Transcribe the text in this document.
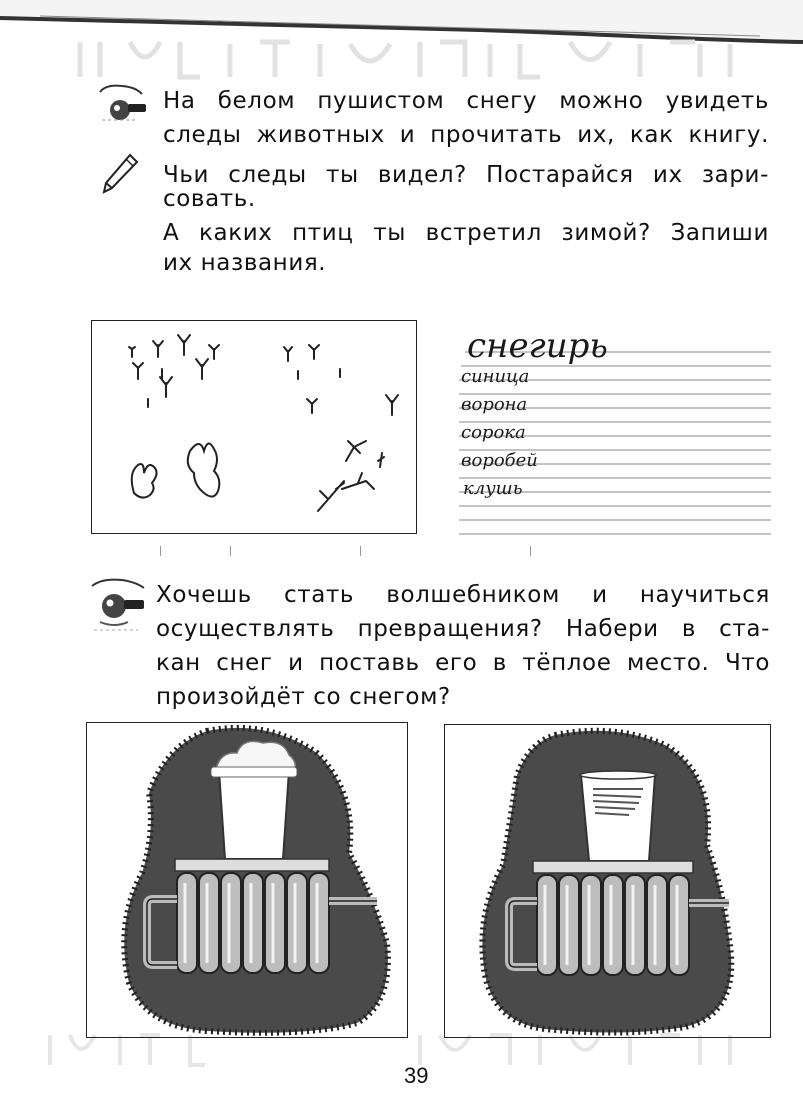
На белом пушистом снегу можно увидеть
следы животных и прочитать их, как книгу.
Чьи следы ты видел? Постарайся их зари-
совать.
А каких птиц ты встретил зимой? Запиши
их названия.
снегирь
синица
ворона
сорока
воробей
клушь
Хочешь стать волшебником и научиться
осуществлять превращения? Набери в ста-
кан снег и поставь его в тёплое место. Что
произойдёт со снегом?
39
